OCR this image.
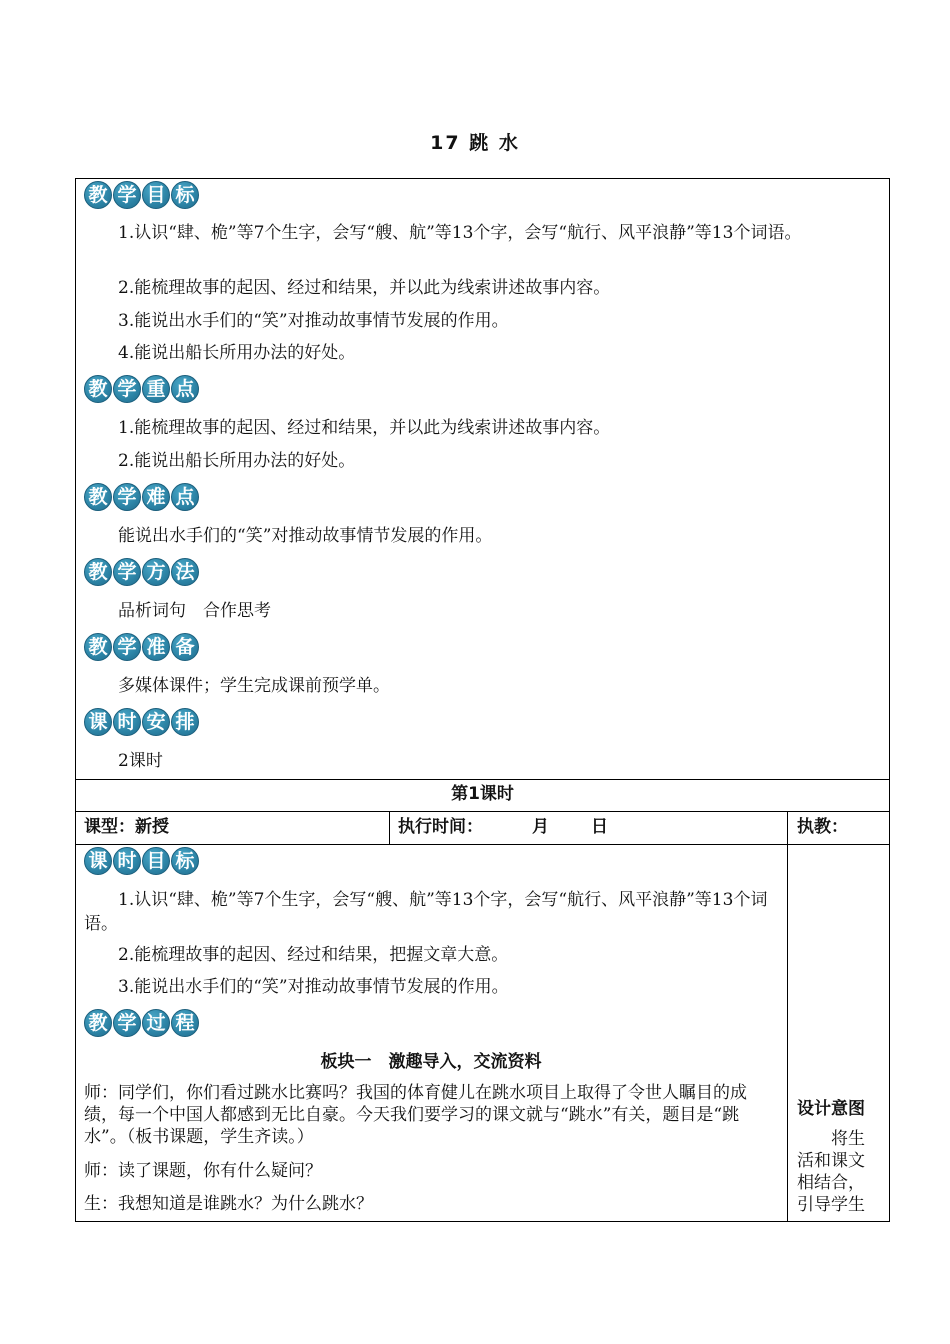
17 跳 水
教 学 目 标
1.认识“肆、桅”等7个生字，会写“艘、航”等13个字，会写“航行、风平浪静”等13个词语。
2.能梳理故事的起因、经过和结果，并以此为线索讲述故事内容。
3.能说出水手们的“笑”对推动故事情节发展的作用。
4.能说出船长所用办法的好处。
教 学 重 点
1.能梳理故事的起因、经过和结果，并以此为线索讲述故事内容。
2.能说出船长所用办法的好处。
教 学 难 点
能说出水手们的“笑”对推动故事情节发展的作用。
教 学 方 法
品析词句　合作思考
教 学 准 备
多媒体课件；学生完成课前预学单。
课 时 安 排
2课时
第1课时
课型：新授	执行时间：	月 日	执教：
课 时 目 标
1.认识“肆、桅”等7个生字，会写“艘、航”等13个字，会写“航行、风平浪静”等13个词语。
2.能梳理故事的起因、经过和结果，把握文章大意。
3.能说出水手们的“笑”对推动故事情节发展的作用。
教 学 过 程
板块一　激趣导入，交流资料
师：同学们，你们看过跳水比赛吗？我国的体育健儿在跳水项目上取得了令世人瞩目的成绩，每一个中国人都感到无比自豪。今天我们要学习的课文就与“跳水”有关，题目是“跳水”。（板书课题，学生齐读。）
师：读了课题，你有什么疑问？
生：我想知道是谁跳水？为什么跳水？
设计意图
将生活和课文相结合，引导学生
